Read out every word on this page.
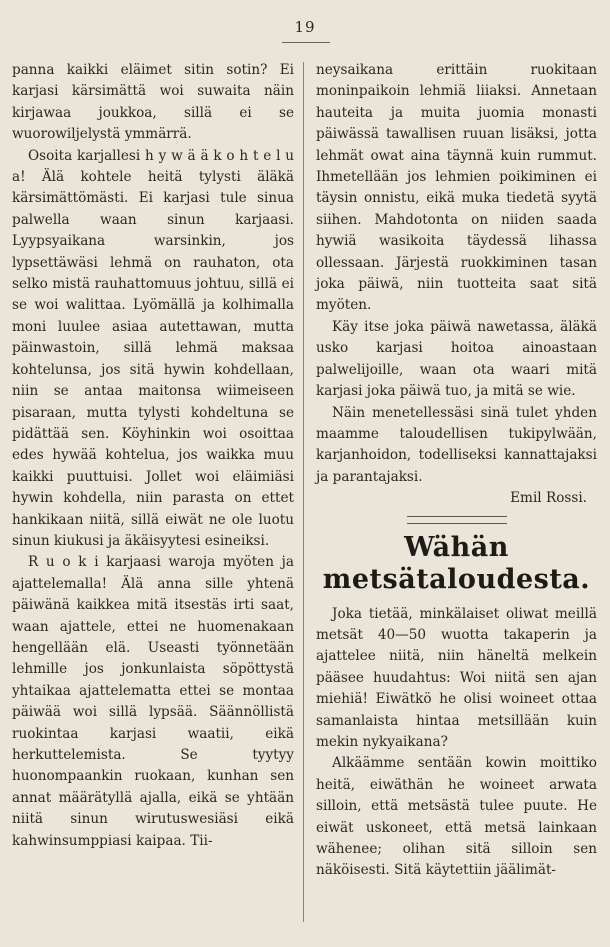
19

panna kaikki eläimet sitin sotin? Ei karjasi kärsimättä woi suwaita näin kirjawaa joukkoa, sillä ei se wuorowiljelystä ymmärrä.

Osoita karjallesi h y w ä ä k o h t e l u a! Älä kohtele heitä tylysti äläkä kärsimättömästi. Ei karjasi tule sinua palwella waan sinun karjaasi. Lyypsyaikana warsinkin, jos lypsettäwäsi lehmä on rauhaton, ota selko mistä rauhattomuus johtuu, sillä ei se woi walittaa. Lyömällä ja kolhimalla moni luulee asiaa autettawan, mutta päinwastoin, sillä lehmä maksaa kohtelunsa, jos sitä hywin kohdellaan, niin se antaa maitonsa wiimeiseen pisaraan, mutta tylysti kohdeltuna se pidättää sen. Köyhinkin woi osoittaa edes hywää kohtelua, jos waikka muu kaikki puuttuisi. Jollet woi eläimiäsi hywin kohdella, niin parasta on ettet hankikaan niitä, sillä eiwät ne ole luotu sinun kiukusi ja äkäisyytesi esineiksi.

R u o k i karjaasi waroja myöten ja ajattelemalla! Älä anna sille yhtenä päiwänä kaikkea mitä itsestäs irti saat, waan ajattele, ettei ne huomenakaan hengellään elä. Useasti työnnetään lehmille jos jonkunlaista söpöttystä yhtaikaa ajattelematta ettei se montaa päiwää woi sillä lypsää. Säännöllistä ruokintaa karjasi waatii, eikä herkuttelemista. Se tyytyy huonompaankin ruokaan, kunhan sen annat määrätyllä ajalla, eikä se yhtään niitä sinun wirutuswesiäsi eikä kahwinsumppiasi kaipaa. Tii-

neysaikana erittäin ruokitaan moninpaikoin lehmiä liiaksi. Annetaan hauteita ja muita juomia monasti päiwässä tawallisen ruuan lisäksi, jotta lehmät owat aina täynnä kuin rummut. Ihmetellään jos lehmien poikiminen ei täysin onnistu, eikä muka tiedetä syytä siihen. Mahdotonta on niiden saada hywiä wasikoita täydessä lihassa ollessaan. Järjestä ruokkiminen tasan joka päiwä, niin tuotteita saat sitä myöten.

Käy itse joka päiwä nawetassa, äläkä usko karjasi hoitoa ainoastaan palwelijoille, waan ota waari mitä karjasi joka päiwä tuo, ja mitä se wie.

Näin menetellessäsi sinä tulet yhden maamme taloudellisen tukipylwään, karjanhoidon, todelliseksi kannattajaksi ja parantajaksi.

Emil Rossi.

Wähän metsätaloudesta.

Joka tietää, minkälaiset oliwat meillä metsät 40—50 wuotta takaperin ja ajattelee niitä, niin häneltä melkein pääsee huudahtus: Woi niitä sen ajan miehiä! Eiwätkö he olisi woineet ottaa samanlaista hintaa metsillään kuin mekin nykyaikana?

Alkäämme sentään kowin moittiko heitä, eiwäthän he woineet arwata silloin, että metsästä tulee puute. He eiwät uskoneet, että metsä lainkaan wähenee; olihan sitä silloin sen näköisesti. Sitä käytettiin jäälimät-
